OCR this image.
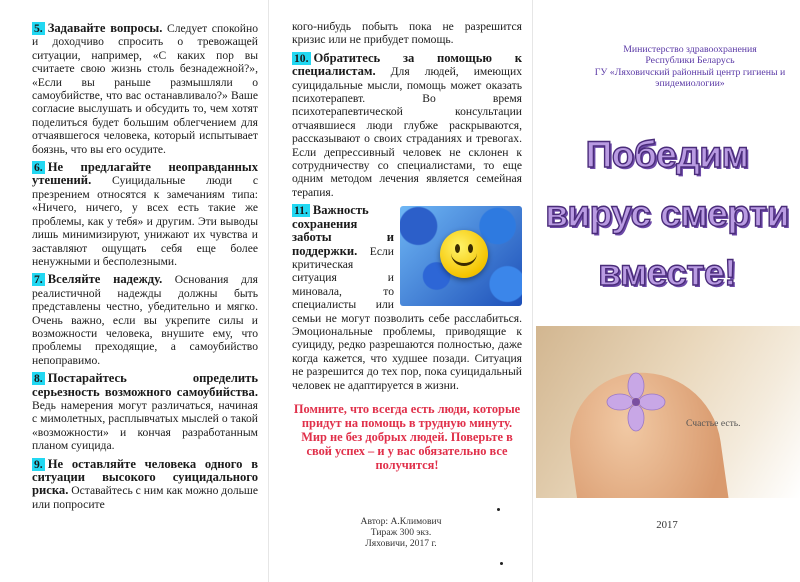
5. Задавайте вопросы. Следует спокойно и доходчиво спросить о тревожащей ситуации, например, «С каких пор вы считаете свою жизнь столь безнадежной?», «Если вы раньше размышляли о самоубийстве, что вас останавливало?» Ваше согласие выслушать и обсудить то, чем хотят поделиться будет большим облегчением для отчаявшегося человека, который испытывает боязнь, что вы его осудите.

6. Не предлагайте неоправданных утешений. Суицидальные люди с презрением относятся к замечаниям типа: «Ничего, ничего, у всех есть такие же проблемы, как у тебя» и другим. Эти выводы лишь минимизируют, унижают их чувства и заставляют ощущать себя еще более ненужными и бесполезными.

7. Вселяйте надежду. Основания для реалистичной надежды должны быть представлены честно, убедительно и мягко. Очень важно, если вы укрепите силы и возможности человека, внушите ему, что проблемы преходящие, а самоубийство непоправимо.

8. Постарайтесь определить серьезность возможного самоубийства. Ведь намерения могут различаться, начиная с мимолетных, расплывчатых мыслей о такой «возможности» и кончая разработанным планом суицида.

9. Не оставляйте человека одного в ситуации высокого суицидального риска. Оставайтесь с ним как можно дольше или попросите

кого-нибудь побыть пока не разрешится кризис или не прибудет помощь.

10. Обратитесь за помощью к специалистам. Для людей, имеющих суицидальные мысли, помощь может оказать психотерапевт. Во время психотерапевтической консультации отчаявшиеся люди глубже раскрываются, рассказывают о своих страданиях и тревогах. Если депрессивный человек не склонен к сотрудничеству со специалистами, то еще одним методом лечения является семейная терапия.

11. Важность сохранения заботы и поддержки. Если критическая ситуация и миновала, то специалисты или семьи не могут позволить себе расслабиться. Эмоциональные проблемы, приводящие к суициду, редко разрешаются полностью, даже когда кажется, что худшее позади. Ситуация не разрешится до тех пор, пока суицидальный человек не адаптируется в жизни.

Помните, что всегда есть люди, которые придут на помощь в трудную минуту. Мир не без добрых людей. Поверьте в свой успех – и у вас обязательно все получится!

Автор: А.Климович
Тираж 300 экз.
Ляховичи, 2017 г.
Министерство здравоохранения
Республики Беларусь
ГУ «Ляховичский районный центр гигиены и эпидемиологии»
Победим
вирус смерти
вместе!
Счастье есть.
2017
